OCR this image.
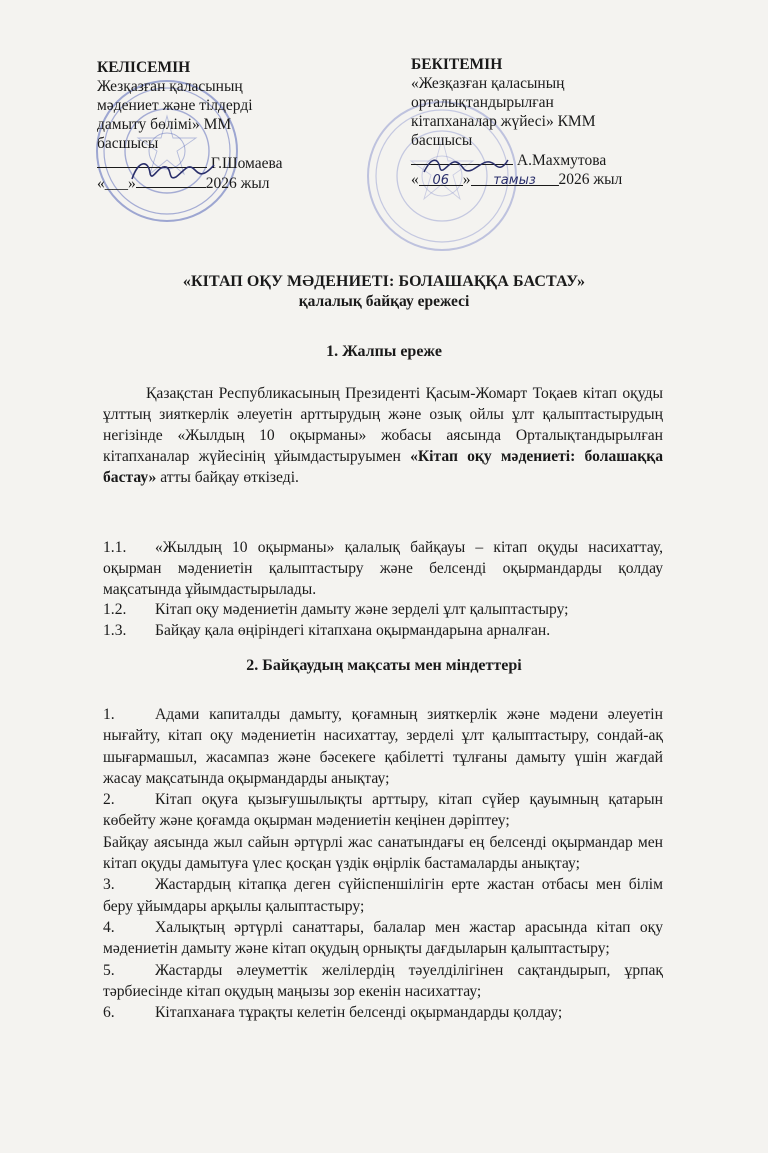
КЕЛІСЕМІН
Жезқазған қаласының
мәдениет және тілдерді
дамыту бөлімі» ММ
басшысы
Г.Шомаева
«___»	2026 жыл
БЕКІТЕМІН
«Жезқазған қаласының
орталықтандырылған
кітапханалар жүйесі» КММ
басшысы
А.Махмутова
« 06 » тамыз 2026 жыл
«КІТАП ОҚУ МӘДЕНИЕТІ: БОЛАШАҚҚА БАСТАУ»
қалалық байқау ережесі
1. Жалпы ереже
Қазақстан Республикасының Президенті Қасым-Жомарт Тоқаев кітап оқуды ұлттың зияткерлік әлеуетін арттырудың және озық ойлы ұлт қалыптастырудың негізінде «Жылдың 10 оқырманы» жобасы аясында Орталықтандырылған кітапханалар жүйесінің ұйымдастыруымен «Кітап оқу мәдениеті: болашаққа бастау» атты байқау өткізеді.
1.1. «Жылдың 10 оқырманы» қалалық байқауы – кітап оқуды насихаттау, оқырман мәдениетін қалыптастыру және белсенді оқырмандарды қолдау мақсатында ұйымдастырылады.
1.2. Кітап оқу мәдениетін дамыту және зерделі ұлт қалыптастыру;
1.3. Байқау қала өңіріндегі кітапхана оқырмандарына арналған.
2. Байқаудың мақсаты мен міндеттері

1.	Адами капиталды дамыту, қоғамның зияткерлік және мәдени әлеуетін нығайту, кітап оқу мәдениетін насихаттау, зерделі ұлт қалыптастыру, сондай-ақ шығармашыл, жасампаз және бәсекеге қабілетті тұлғаны дамыту үшін жағдай жасау мақсатында оқырмандарды анықтау;

2.	Кітап оқуға қызығушылықты арттыру, кітап сүйер қауымның қатарын көбейту және қоғамда оқырман мәдениетін кеңінен дәріптеу;

Байқау аясында жыл сайын әртүрлі жас санатындағы ең белсенді оқырмандар мен кітап оқуды дамытуға үлес қосқан үздік өңірлік бастамаларды анықтау;

3.	Жастардың кітапқа деген сүйіспеншілігін ерте жастан отбасы мен білім беру ұйымдары арқылы қалыптастыру;

4.	Халықтың әртүрлі санаттары, балалар мен жастар арасында кітап оқу мәдениетін дамыту және кітап оқудың орнықты дағдыларын қалыптастыру;

5.	Жастарды әлеуметтік желілердің тәуелділігінен сақтандырып, ұрпақ тәрбиесінде кітап оқудың маңызы зор екенін насихаттау;

6.	Кітапханаға тұрақты келетін белсенді оқырмандарды қолдау;
